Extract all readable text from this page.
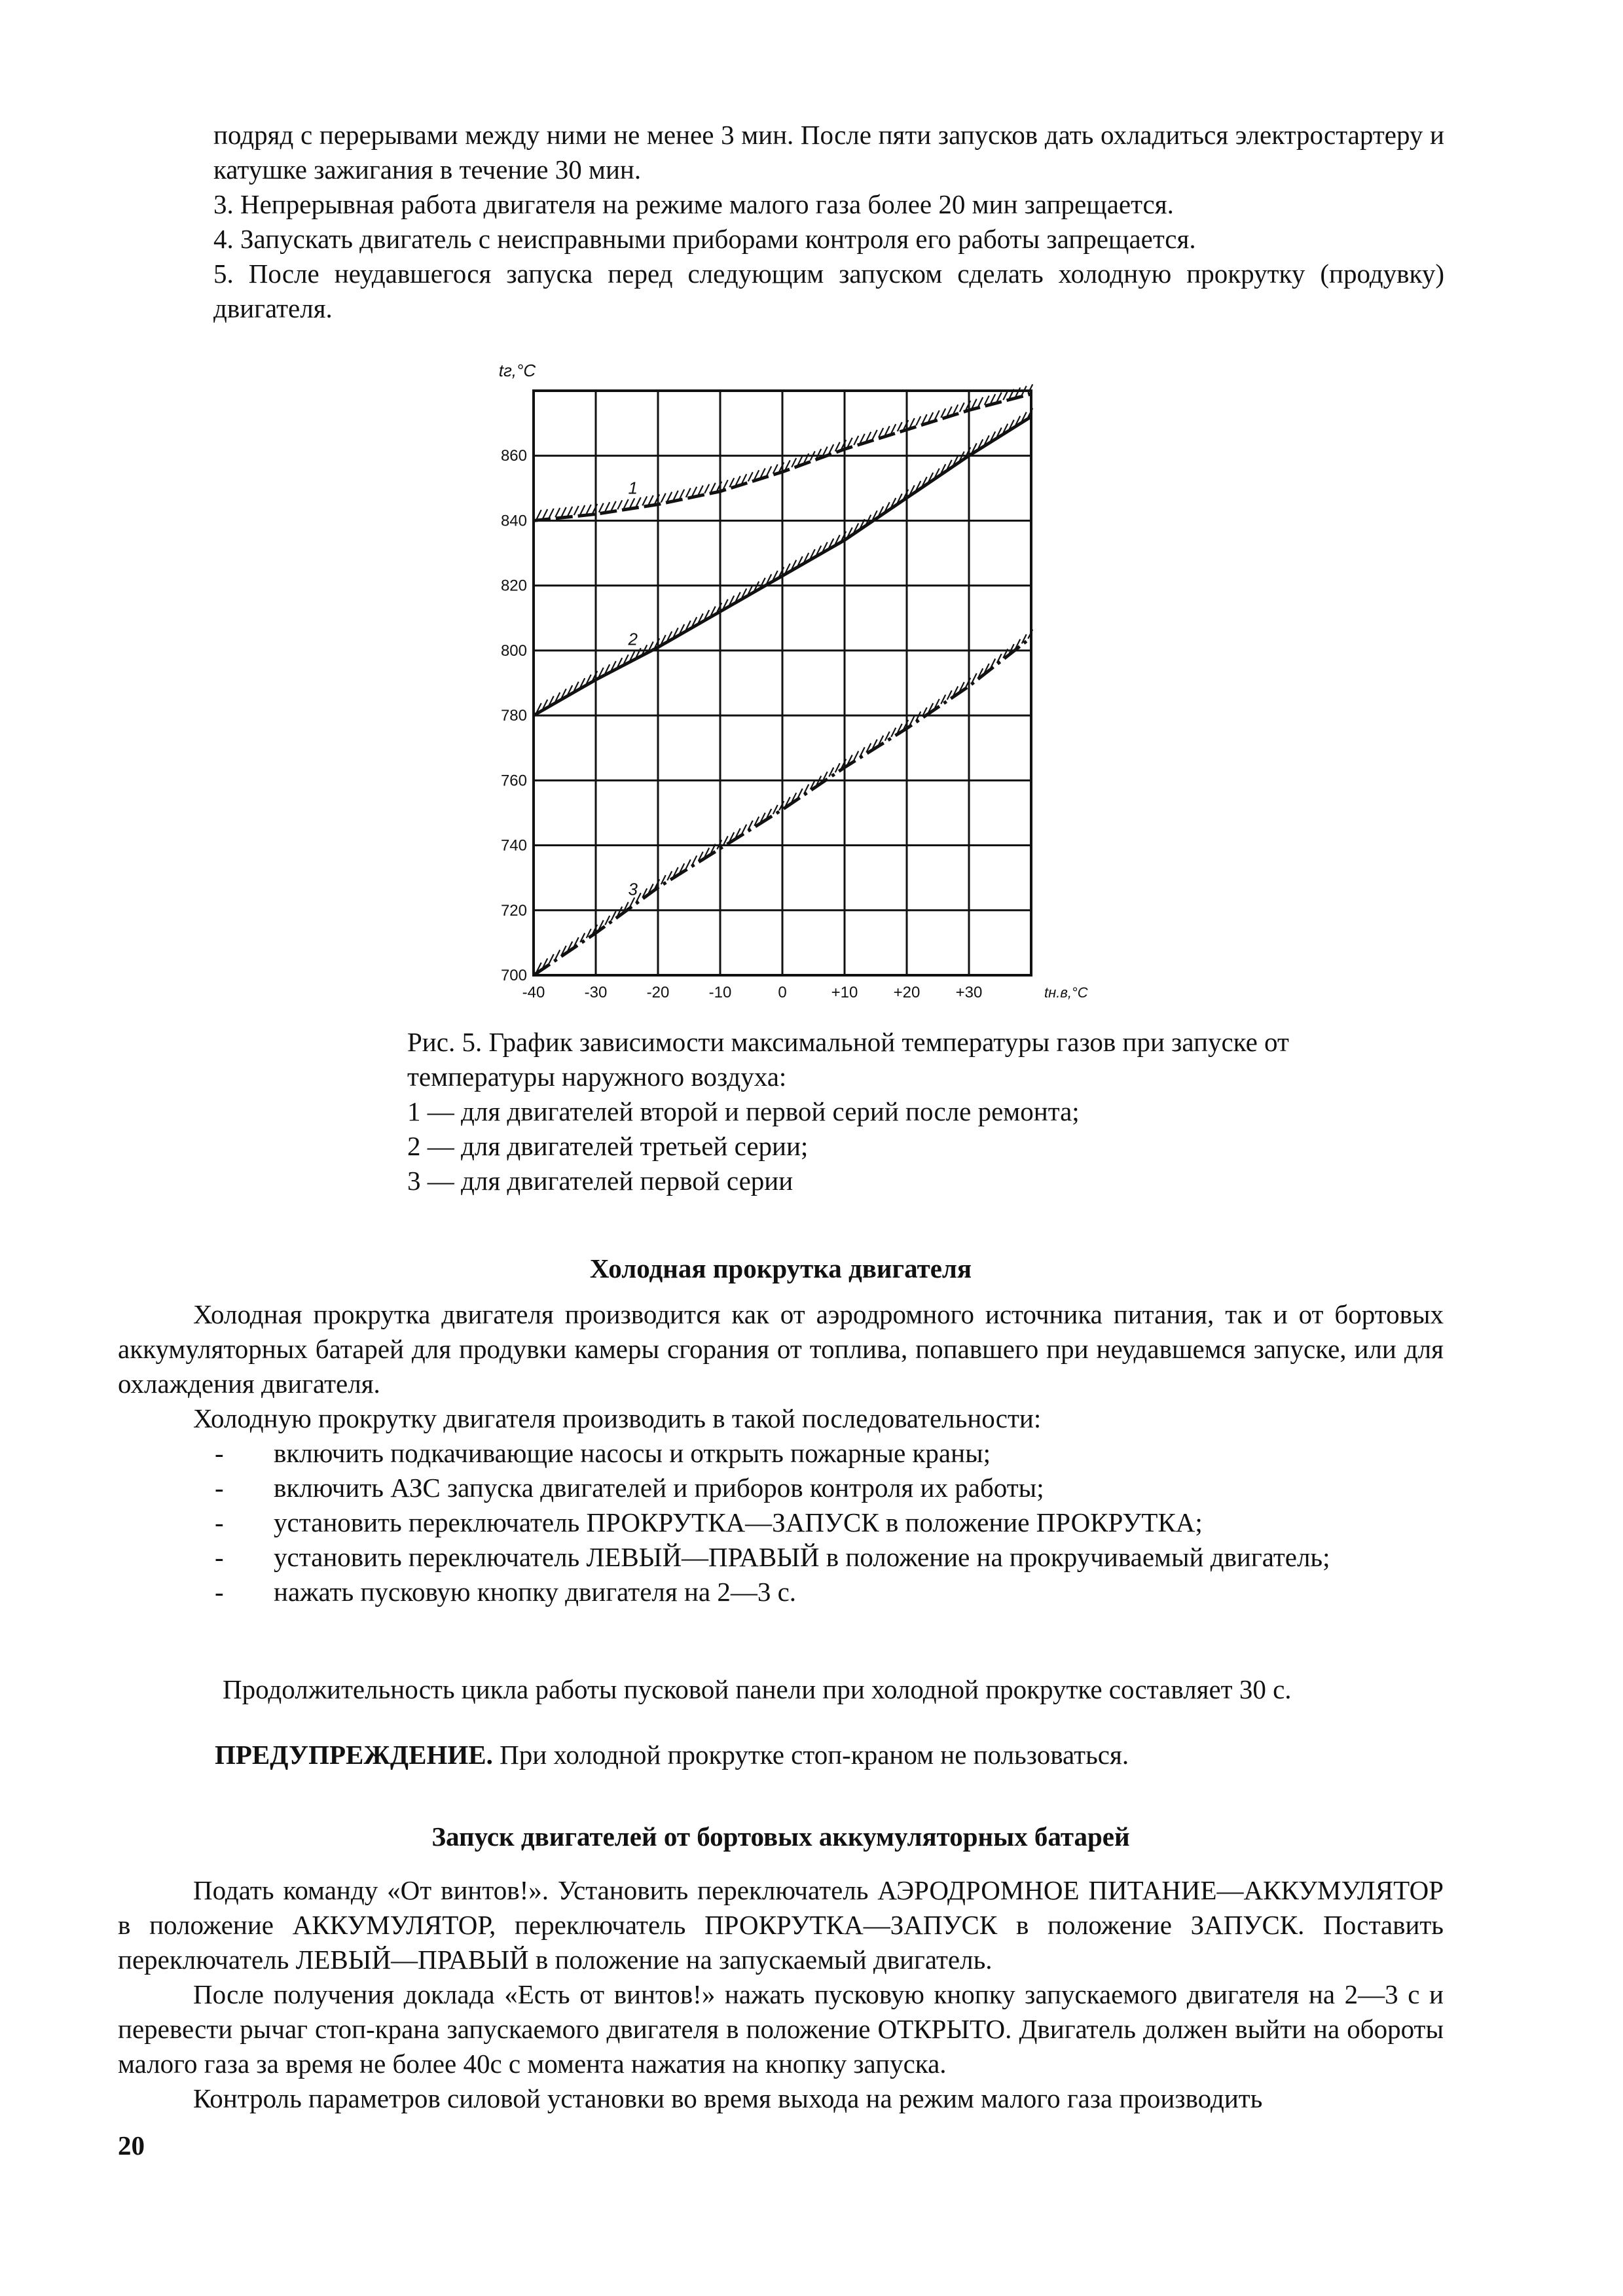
подряд с перерывами между ними не менее 3 мин. После пяти запусков дать охладиться электростартеру и катушке зажигания в течение 30 мин.

3. Непрерывная работа двигателя на режиме малого газа более 20 мин запрещается.

4. Запускать двигатель с неисправными приборами контроля его работы запрещается.

5. После неудавшегося запуска перед следующим запуском сделать холодную прокрутку (продувку) двигателя.

700
720
740
760
780
800
820
840
860
-40	-30	-20	-10	0	+10 +20 +30
tг,°C
tн.в,°C
1
2
3

Рис. 5. График зависимости максимальной температуры газов при запуске от температуры наружного воздуха:

1 — для двигателей второй и первой серий после ремонта;

2 — для двигателей третьей серии;

3 — для двигателей первой серии

Холодная прокрутка двигателя

Холодная прокрутка двигателя производится как от аэродромного источника питания, так и от бортовых аккумуляторных батарей для продувки камеры сгорания от топлива, попавшего при неудавшемся запуске, или для охлаждения двигателя.

Холодную прокрутку двигателя производить в такой последовательности:

- включить подкачивающие насосы и открыть пожарные краны;
- включить АЗС запуска двигателей и приборов контроля их работы;
- установить переключатель ПРОКРУТКА—ЗАПУСК в положение ПРОКРУТКА;
- установить переключатель ЛЕВЫЙ—ПРАВЫЙ в положение на прокручиваемый двигатель;
- нажать пусковую кнопку двигателя на 2—3 с.
Продолжительность цикла работы пусковой панели при холодной прокрутке составляет 30 с.
ПРЕДУПРЕЖДЕНИЕ. При холодной прокрутке стоп-краном не пользоваться.
Запуск двигателей от бортовых аккумуляторных батарей

Подать команду «От винтов!». Установить переключатель АЭРОДРОМНОЕ ПИТАНИЕ—АККУМУЛЯТОР в положение АККУМУЛЯТОР, переключатель ПРОКРУТКА—ЗАПУСК в положение ЗАПУСК. Поставить переключатель ЛЕВЫЙ—ПРАВЫЙ в положение на запускаемый двигатель.

После получения доклада «Есть от винтов!» нажать пусковую кнопку запускаемого двигателя на 2—3 с и перевести рычаг стоп-крана запускаемого двигателя в положение ОТКРЫТО. Двигатель должен выйти на обороты малого газа за время не более 40с с момента нажатия на кнопку запуска.

Контроль параметров силовой установки во время выхода на режим малого газа производить

20
